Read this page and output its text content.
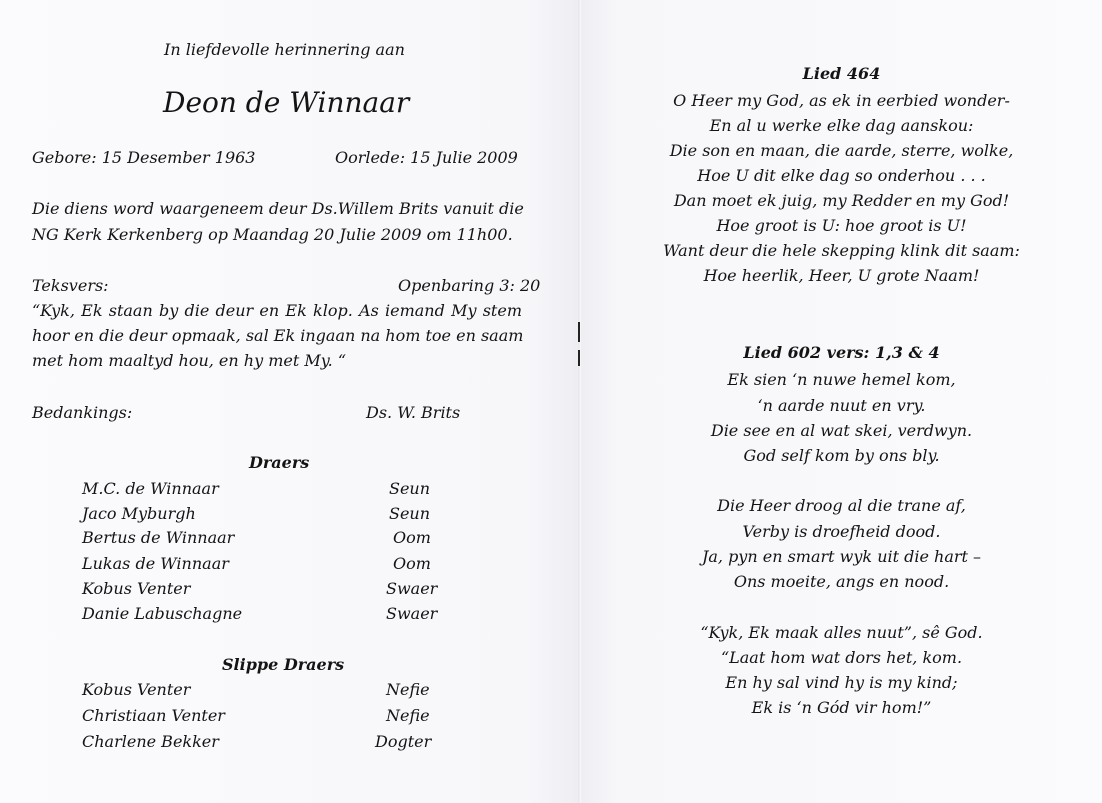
In liefdevolle herinnering aan
Deon de Winnaar
Gebore: 15 Desember 1963	Oorlede: 15 Julie 2009
Die diens word waargeneem deur Ds.Willem Brits vanuit die
NG Kerk Kerkenberg op Maandag 20 Julie 2009 om 11h00.
Teksvers:	Openbaring 3: 20
“Kyk, Ek staan by die deur en Ek klop. As iemand My stem
hoor en die deur opmaak, sal Ek ingaan na hom toe en saam
met hom maaltyd hou, en hy met My. “
Bedankings:	Ds. W. Brits
Draers
M.C. de Winnaar	Seun
Jaco Myburgh	Seun
Bertus de Winnaar	Oom
Lukas de Winnaar	Oom
Kobus Venter	Swaer
Danie Labuschagne	Swaer
Slippe Draers
Kobus Venter	Nefie
Christiaan Venter	Nefie
Charlene Bekker	Dogter
Lied 464
O Heer my God, as ek in eerbied wonder-
En al u werke elke dag aanskou:
Die son en maan, die aarde, sterre, wolke,
Hoe U dit elke dag so onderhou . . .
Dan moet ek juig, my Redder en my God!
Hoe groot is U: hoe groot is U!
Want deur die hele skepping klink dit saam:
Hoe heerlik, Heer, U grote Naam!
Lied 602 vers: 1,3 & 4
Ek sien ‘n nuwe hemel kom,
‘n aarde nuut en vry.
Die see en al wat skei, verdwyn.
God self kom by ons bly.
Die Heer droog al die trane af,
Verby is droefheid dood.
Ja, pyn en smart wyk uit die hart –
Ons moeite, angs en nood.
“Kyk, Ek maak alles nuut”, sê God.
“Laat hom wat dors het, kom.
En hy sal vind hy is my kind;
Ek is ‘n Gód vir hom!”
